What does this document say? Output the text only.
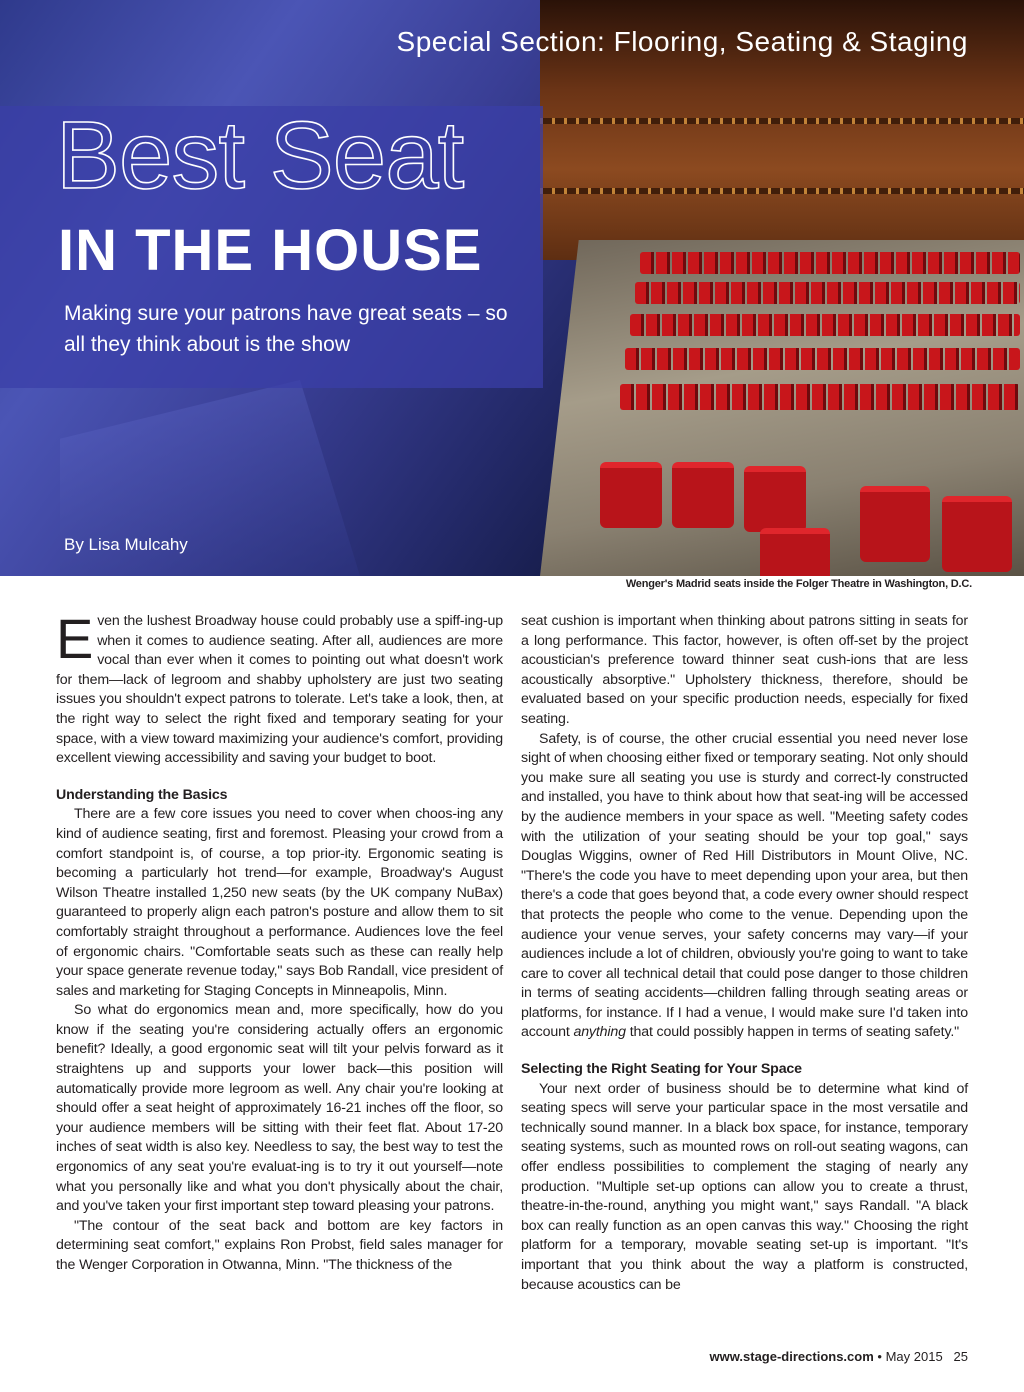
Special Section: Flooring, Seating & Staging
Best Seat
IN THE HOUSE

Making sure your patrons have great seats – so all they think about is the show

By Lisa Mulcahy

Wenger's Madrid seats inside the Folger Theatre in Washington, D.C.

Even the lushest Broadway house could probably use a spiff-ing-up when it comes to audience seating. After all, audiences are more vocal than ever when it comes to pointing out what doesn't work for them—lack of legroom and shabby upholstery are just two seating issues you shouldn't expect patrons to tolerate. Let's take a look, then, at the right way to select the right fixed and temporary seating for your space, with a view toward maximizing your audience's comfort, providing excellent viewing accessibility and saving your budget to boot.

Understanding the Basics

There are a few core issues you need to cover when choos-ing any kind of audience seating, first and foremost. Pleasing your crowd from a comfort standpoint is, of course, a top prior-ity. Ergonomic seating is becoming a particularly hot trend—for example, Broadway's August Wilson Theatre installed 1,250 new seats (by the UK company NuBax) guaranteed to properly align each patron's posture and allow them to sit comfortably straight throughout a performance. Audiences love the feel of ergonomic chairs. "Comfortable seats such as these can really help your space generate revenue today," says Bob Randall, vice president of sales and marketing for Staging Concepts in Minneapolis, Minn.

So what do ergonomics mean and, more specifically, how do you know if the seating you're considering actually offers an ergonomic benefit? Ideally, a good ergonomic seat will tilt your pelvis forward as it straightens up and supports your lower back—this position will automatically provide more legroom as well. Any chair you're looking at should offer a seat height of approximately 16-21 inches off the floor, so your audience members will be sitting with their feet flat. About 17-20 inches of seat width is also key. Needless to say, the best way to test the ergonomics of any seat you're evaluat-ing is to try it out yourself—note what you personally like and what you don't physically about the chair, and you've taken your first important step toward pleasing your patrons.

"The contour of the seat back and bottom are key factors in determining seat comfort," explains Ron Probst, field sales manager for the Wenger Corporation in Otwanna, Minn. "The thickness of the

seat cushion is important when thinking about patrons sitting in seats for a long performance. This factor, however, is often off-set by the project acoustician's preference toward thinner seat cush-ions that are less acoustically absorptive." Upholstery thickness, therefore, should be evaluated based on your specific production needs, especially for fixed seating.

Safety, is of course, the other crucial essential you need never lose sight of when choosing either fixed or temporary seating. Not only should you make sure all seating you use is sturdy and correct-ly constructed and installed, you have to think about how that seat-ing will be accessed by the audience members in your space as well. "Meeting safety codes with the utilization of your seating should be your top goal," says Douglas Wiggins, owner of Red Hill Distributors in Mount Olive, NC. "There's the code you have to meet depending upon your area, but then there's a code that goes beyond that, a code every owner should respect that protects the people who come to the venue. Depending upon the audience your venue serves, your safety concerns may vary—if your audiences include a lot of children, obviously you're going to want to take care to cover all technical detail that could pose danger to those children in terms of seating accidents—children falling through seating areas or platforms, for instance. If I had a venue, I would make sure I'd taken into account anything that could possibly happen in terms of seating safety."

Selecting the Right Seating for Your Space

Your next order of business should be to determine what kind of seating specs will serve your particular space in the most versatile and technically sound manner. In a black box space, for instance, temporary seating systems, such as mounted rows on roll-out seating wagons, can offer endless possibilities to complement the staging of nearly any production. "Multiple set-up options can allow you to create a thrust, theatre-in-the-round, anything you might want," says Randall. "A black box can really function as an open canvas this way." Choosing the right platform for a temporary, movable seating set-up is important. "It's important that you think about the way a platform is constructed, because acoustics can be

www.stage-directions.com • May 2015 25
